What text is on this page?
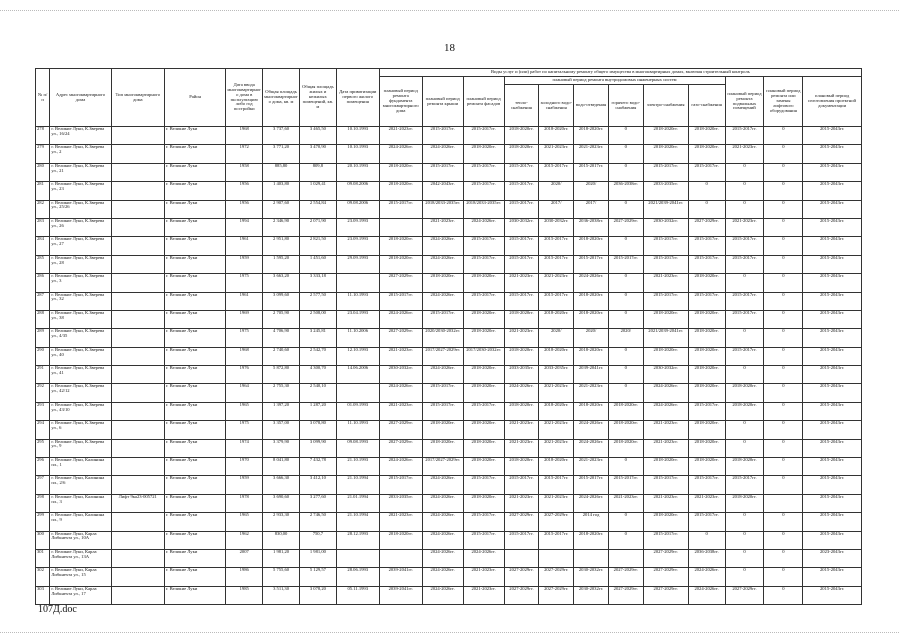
18
№ п/п	Адрес многоквартирного дома	Тип многоквартирного дома	Район	Дата ввода многоквартирного дома в эксплуатацию либо год постройки	Общая площадь многоквартирного дома, кв. м	Общая площадь жилых и нежилых помещений, кв. м	Дата приватизации первого жилого помещения	Виды услуг и (или) работ по капитальному ремонту общего имущества в многоквартирных домах, включая строительный контроль											
								плановый период ремонта фундамента многоквартирного дома	плановый период ремонта крыши	плановый период ремонта фасадов	плановый период ремонта внутридомовых инженерных систем						плановый период ремонта подвальных помещений	плановый период ремонта или замены лифтового оборудования	плановый период изготовления проектной документации
											тепло-снабжения	холодного водо-снабжения	водо-отведения	горячего водо-снабжения	электро-снабжения	газо-снабжения			
278	г. Великие Луки, К.Зверева ул., 16/24		г. Великие Луки	1968	3 737,60	3 465,50	10.10.1993	2021-2023гг.	2015-2017гг.	2015-2017гг.	2018-2020гг.	2018-2020гг.	2018-2020гг.	0	2018-2020гг.	2018-2020гг.	2015-2017гг.	0	2015-2043гг.
279	г. Великие Луки, К.Зверева ул., 2		г. Великие Луки	1972	3 771,20	3 470,90	10.10.1993	2024-2026гг.	2024-2026гг.	2018-2020гг.	2018-2020гг.	2021-2023гг.	2021-2023гг.	0	2018-2020гг.	2018-2020гг.	2021-2023гг.	0	2015-2043гг.
280	г. Великие Луки, К.Зверева ул., 21		г. Великие Луки	1958	885,80	809,8	20.10.1993	2018-2020гг.	2015-2017гг.	2015-2017гг.	2015-2017гг.	2015-2017гг.	2015-2017гг.	0	2015-2017гг.	2015-2017гг.	0	0	2015-2043гг.
281	г. Великие Луки, К.Зверева ул., 23		г. Великие Луки	1956	1 403,80	1 029,41	09.08.2006	2018-2020гг.	2042-2043гг.	2015-2017гг.	2015-2017гг.	2020/	2020/	2036-2038гг.	2033-2035гг.	0	0	0	2015-2043гг.
282	г. Великие Луки, К.Зверева ул., 25/26		г. Великие Луки	1956	2 907,60	2 554,84	09.08.2006	2015-2017гг.	2018/2033-2035гг.	2018/2033-2035гг.	2015-2017гг.	2017/	2017/	0	2021/2039-2041гг.	0	0	0	2015-2043гг.
283	г. Великие Луки, К.Зверева ул., 26		г. Великие Луки	1994	2 346,90	2 071,90	23.09.1993		2021-2023гг.	2024-2026гг.	2030-2032гг.	2030-2032гг.	2036-2038гг.	2027-2029гг.	2030-2032гг.	2027-2029гг.	2021-2023гг.	0	2015-2043гг.
284	г. Великие Луки, К.Зверева ул., 27		г. Великие Луки	1961	2 951,80	2 821,50	23.09.1993	2018-2020гг.	2024-2026гг.	2015-2017гг.	2015-2017гг.	2015-2017гг.	2018-2020гг.	0	2015-2017гг.	2015-2017гг.	2015-2017гг.	0	2015-2043гг.
285	г. Великие Луки, К.Зверева ул., 28		г. Великие Луки	1959	1 595,20	1 451,60	29.09.1993	2018-2020гг.	2024-2026гг.	2015-2017гг.	2015-2017гг.	2015-2017гг.	2015-2017гг.	2015-2017гг.	2015-2017гг.	2015-2017гг.	2015-2017гг.	0	2015-2043гг.
286	г. Великие Луки, К.Зверева ул., 3		г. Великие Луки	1975	3 663,20	3 333,18		2027-2029гг.	2018-2020гг.	2018-2020гг.	2021-2023гг.	2021-2023гг.	2024-2026гг.	0	2021-2023гг.	2018-2020гг.	0	0	2015-2043гг.
287	г. Великие Луки, К.Зверева ул., 32		г. Великие Луки	1961	3 099,60	2 577,50	11.10.1993	2015-2017гг.	2024-2026гг.	2015-2017гг.	2015-2017гг.	2015-2017гг.	2018-2020гг.	0	2015-2017гг.	2015-2017гг.	2015-2017гг.	0	2015-2043гг.
288	г. Великие Луки, К.Зверева ул., 38		г. Великие Луки	1969	2 705,90	2 508,00	23.04.1993	2024-2026гг.	2015-2017гг.	2018-2020гг.	2018-2020гг.	2018-2020гг.	2018-2020гг.	0	2018-2020гг.	2018-2020гг.	2015-2017гг.	0	2015-2043гг.
289	г. Великие Луки, К.Зверева ул., 4/35		г. Великие Луки	1975	4 706,90	3 245,81	11.10.2006	2027-2029гг.	2020/2030-2032гг.	2018-2020гг.	2021-2023гг.	2020/	2020/	2020/	2021/2039-2041гг.	2018-2020гг.	0	0	2015-2043гг.
290	г. Великие Луки, К.Зверева ул., 40		г. Великие Луки	1968	2 740,60	2 542,70	12.10.1993	2021-2023гг.	2017/2027-2029гг.	2017/2030-2032гг.	2018-2020гг.	2018-2020гг.	2018-2020гг.	0	2018-2020гг.	2018-2020гг.	2015-2017гг.	0	2015-2043гг.
291	г. Великие Луки, К.Зверева ул., 41		г. Великие Луки	1976	5 872,80	4 300,70	14.06.2006	2030-2032гг.	2024-2026гг.	2018-2020гг.	2033-2035гг.	2033-2035гг.	2039-2041гг.	0	2030-2032гг.	2018-2020гг.	0	0	2015-2043гг.
292	г. Великие Луки, К.Зверева ул., 42/12		г. Великие Луки	1964	2 755,30	2 540,10		2024-2026гг.	2015-2017гг.	2018-2020гг.	2024-2026гг.	2021-2023гг.	2021-2023гг.	0	2024-2026гг.	2018-2020гг.	2018-2020гг.	0	2015-2043гг.
293	г. Великие Луки, К.Зверева ул., 43/10		г. Великие Луки	1965	1 397,20	1 287,20	01.09.1993	2021-2023гг.	2015-2017гг.	2015-2017гг.	2018-2020гг.	2018-2020гг.	2018-2020гг.	2018-2020гг.	2024-2026гг.	2015-2017гг.	2018-2020гг.	0	2015-2043гг.
294	г. Великие Луки, К.Зверева ул., 6		г. Великие Луки	1975	3 357,00	3 078,80	11.10.1993	2027-2029гг.	2018-2020гг.	2018-2020гг.	2021-2023гг.	2021-2023гг.	2024-2026гг.	2018-2020гг.	2021-2023гг.	2018-2020гг.	0	0	2015-2043гг.
295	г. Великие Луки, К.Зверева ул., 9		г. Великие Луки	1974	3 379,90	3 099,90	09.08.1993	2027-2029гг.	2018-2020гг.	2018-2020гг.	2021-2023гг.	2021-2023гг.	2024-2026гг.	2018-2020гг.	2021-2023гг.	2018-2020гг.	0	0	2015-2043гг.
296	г. Великие Луки, Калинина пл., 1		г. Великие Луки	1970	8 041,80	7 432,78	21.10.1993	2024-2026гг.	2017/2027-2029гг.	2018-2020гг.	2018-2020гг.	2018-2020гг.	2021-2023гг.	0	2018-2020гг.	2018-2020гг.	2018-2020гг.	0	2015-2043гг.
297	г. Великие Луки, Калинина пл., 2/6		г. Великие Луки	1959	3 666,30	3 412,10	21.10.1994	2015-2017гг.	2024-2026гг.	2015-2017гг.	2015-2017гг.	2015-2017гг.	2015-2017гг.	2015-2017гг.	2015-2017гг.	2015-2017гг.	2015-2017гг.	0	2015-2043гг.
298	г. Великие Луки, Калинина пл., 3	Лифт 9ка23-005721	г. Великие Луки	1978	3 690,60	3 277,60	21.01.1994	2033-2035гг.	2024-2026гг.	2018-2020гг.	2021-2023гг.	2021-2023гг.	2024-2026гг.	2021-2023гг.	2021-2023гг.	2021-2023гг.	2018-2020гг.		2015-2043гг.
299	г. Великие Луки, Калинина пл., 9		г. Великие Луки	1965	2 933,30	2 746,50	21.10.1994	2021-2023гг.	2024-2026гг.	2015-2017гг.	2027-2029гг.	2027-2029гг.	2014 год	0	2018-2020гг.	2015-2017гг.	0	0	2015-2043гг.
300	г. Великие Луки, Карла Либкнехта ул., 10А		г. Великие Луки	1962	830,00	750,7	28.12.1993	2018-2020гг.	2024-2026гг.	2015-2017гг.	2015-2017гг.	2015-2017гг.	2018-2020гг.	0	2015-2017гг.	0	0	0	2015-2043гг.
301	г. Великие Луки, Карла Либкнехта ул., 13А		г. Великие Луки	2007	1 981,20	1 981,00			2024-2026гг.	2024-2026гг.					2027-2029гг.	2036-2038гг.	0	0	2023-2043гг.
302	г. Великие Луки, Карла Либкнехта ул., 15		г. Великие Луки	1986	5 755,60	5 129,57	28.06.1993	2039-2041гг.	2024-2026гг.	2021-2023гг.	2027-2029гг.	2027-2029гг.	2030-2032гг.	2027-2029гг.	2027-2029гг.	2024-2026гг.	0	0	2015-2043гг.
303	г. Великие Луки, Карла Либкнехта ул., 17		г. Великие Луки	1985	3 511,30	3 078,20	05.11.1993	2039-2041гг.	2024-2026гг.	2021-2023гг.	2027-2029гг.	2027-2029гг.	2030-2032гг.	2027-2029гг.	2027-2029гг.	2024-2026гг.	2027-2029гг.	0	2015-2043гг.
107Д.doc
